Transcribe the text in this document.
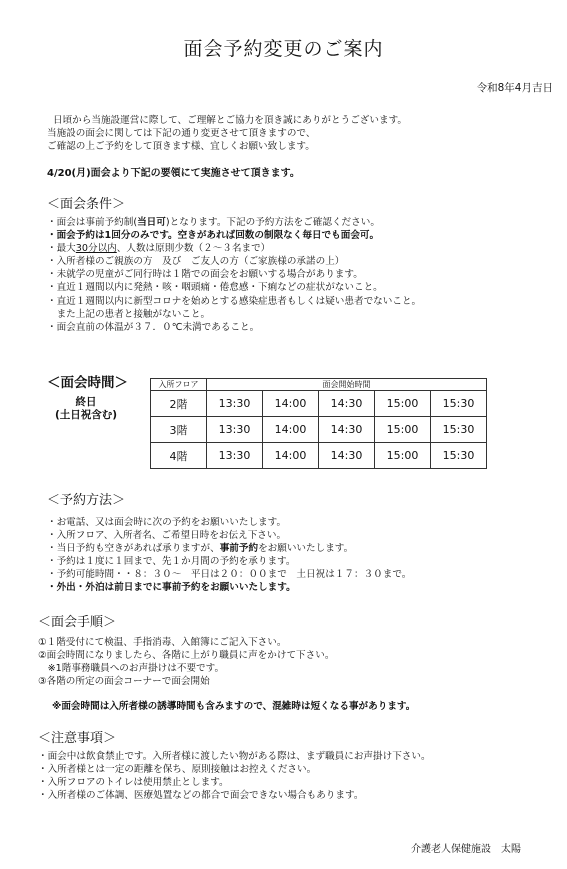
面会予約変更のご案内
令和8年4月吉日
日頃から当施設運営に際して、ご理解とご協力を頂き誠にありがとうございます。
当施設の面会に関しては下記の通り変更させて頂きますので、
ご確認の上ご予約をして頂きます様、宜しくお願い致します。
4/20(月)面会より下記の要領にて実施させて頂きます。
＜面会条件＞
・面会は事前予約制(当日可)となります。下記の予約方法をご確認ください。
・面会予約は1回分のみです。空きがあれば回数の制限なく毎日でも面会可。
・最大30分以内、人数は原則少数（２～３名まで）
・入所者様のご親族の方　及び　ご友人の方（ご家族様の承諾の上）
・未就学の児童がご同行時は１階での面会をお願いする場合があります。
・直近１週間以内に発熱・咳・咽頭痛・倦怠感・下痢などの症状がないこと。
・直近１週間以内に新型コロナを始めとする感染症患者もしくは疑い患者でないこと。
　また上記の患者と接触がないこと。
・面会直前の体温が３７．０℃未満であること。
＜面会時間＞
終日
(土日祝含む)
入所フロア	面会開始時間				
2階	13:30	14:00	14:30	15:00	15:30
3階	13:30	14:00	14:30	15:00	15:30
4階	13:30	14:00	14:30	15:00	15:30
＜予約方法＞
・お電話、又は面会時に次の予約をお願いいたします。
・入所フロア、入所者名、ご希望日時をお伝え下さい。
・当日予約も空きがあれば承りますが、事前予約をお願いいたします。
・予約は１度に１回まで、先１か月間の予約を承ります。
・予約可能時間・・８：３０～　平日は２０：００まで　土日祝は１７：３０まで。
・外出・外泊は前日までに事前予約をお願いいたします。
＜面会手順＞
①１階受付にて検温、手指消毒、入館簿にご記入下さい。
②面会時間になりましたら、各階に上がり職員に声をかけて下さい。
　※1階事務職員へのお声掛けは不要です。
③各階の所定の面会コーナーで面会開始
※面会時間は入所者様の誘導時間も含みますので、混雑時は短くなる事があります。
＜注意事項＞
・面会中は飲食禁止です。入所者様に渡したい物がある際は、まず職員にお声掛け下さい。
・入所者様とは一定の距離を保ち、原則接触はお控えください。
・入所フロアのトイレは使用禁止とします。
・入所者様のご体調、医療処置などの都合で面会できない場合もあります。
介護老人保健施設　太陽
